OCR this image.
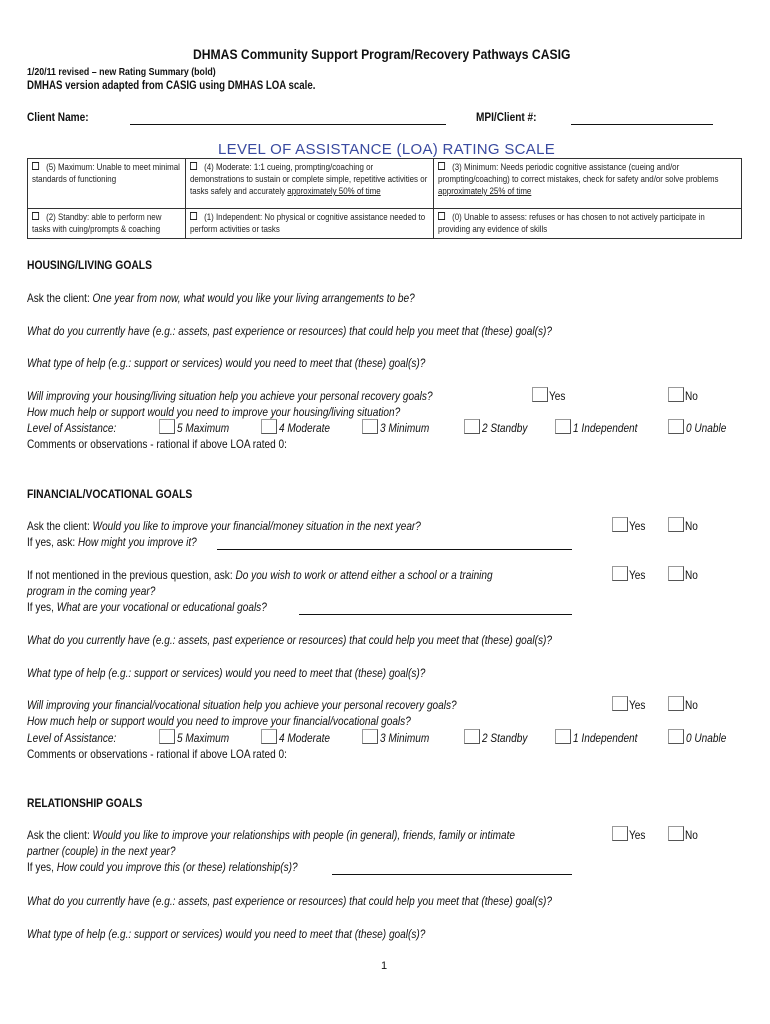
DHMAS Community Support Program/Recovery Pathways CASIG
1/20/11 revised – new Rating Summary (bold)
DMHAS version adapted from CASIG using DMHAS LOA scale.
Client Name:	MPI/Client #:
LEVEL OF ASSISTANCE (LOA) RATING SCALE
(5) Maximum: Unable to meet minimal standards of functioning	(4) Moderate: 1:1 cueing, prompting/coaching or demonstrations to sustain or complete simple, repetitive activities or tasks safely and accurately approximately 50% of time	(3) Minimum: Needs periodic cognitive assistance (cueing and/or prompting/coaching) to correct mistakes, check for safety and/or solve problems approximately 25% of time

(2) Standby: able to perform new tasks with cuing/prompts & coaching	(1) Independent: No physical or cognitive assistance needed to perform activities or tasks	(0) Unable to assess: refuses or has chosen to not actively participate in providing any evidence of skills
HOUSING/LIVING GOALS
Ask the client: One year from now, what would you like your living arrangements to be?
What do you currently have (e.g.: assets, past experience or resources) that could help you meet that (these) goal(s)?
What type of help (e.g.: support or services) would you need to meet that (these) goal(s)?
Will improving your housing/living situation help you achieve your personal recovery goals?	Yes	No
How much help or support would you need to improve your housing/living situation?
Level of Assistance:	5 Maximum	4 Moderate	3 Minimum	2 Standby	1 Independent	0 Unable
Comments or observations - rational if above LOA rated 0:
FINANCIAL/VOCATIONAL GOALS
Ask the client: Would you like to improve your financial/money situation in the next year?	Yes	No
If yes, ask: How might you improve it?
If not mentioned in the previous question, ask: Do you wish to work or attend either a school or a training	Yes	No
program in the coming year?
If yes, What are your vocational or educational goals?
What do you currently have (e.g.: assets, past experience or resources) that could help you meet that (these) goal(s)?
What type of help (e.g.: support or services) would you need to meet that (these) goal(s)?
Will improving your financial/vocational situation help you achieve your personal recovery goals?	Yes	No
How much help or support would you need to improve your financial/vocational goals?
Level of Assistance:	5 Maximum	4 Moderate	3 Minimum	2 Standby	1 Independent	0 Unable
Comments or observations - rational if above LOA rated 0:
RELATIONSHIP GOALS
Ask the client: Would you like to improve your relationships with people (in general), friends, family or intimate	Yes	No
partner (couple) in the next year?
If yes, How could you improve this (or these) relationship(s)?
What do you currently have (e.g.: assets, past experience or resources) that could help you meet that (these) goal(s)?
What type of help (e.g.: support or services) would you need to meet that (these) goal(s)?
1
